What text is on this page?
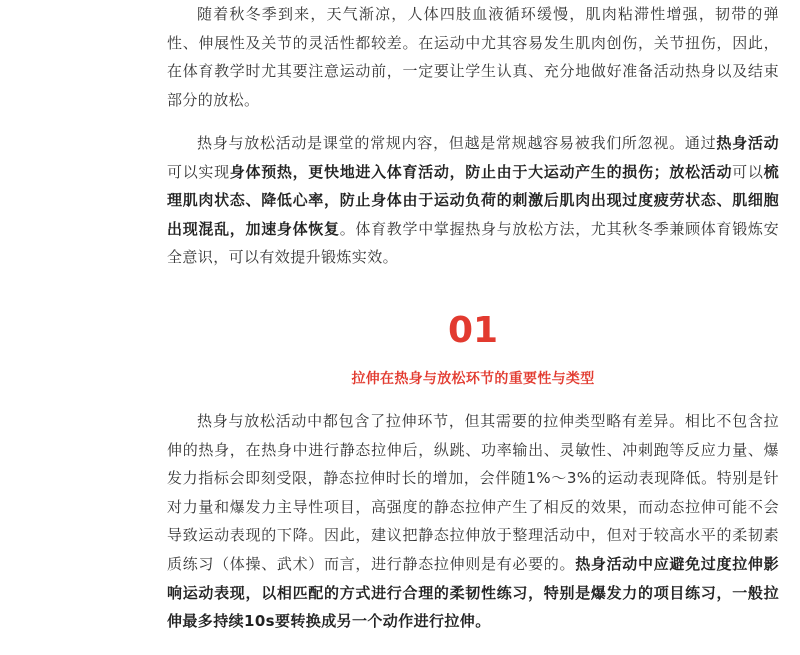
随着秋冬季到来，天气渐凉，人体四肢血液循环缓慢，肌肉粘滞性增强，韧带的弹性、伸展性及关节的灵活性都较差。在运动中尤其容易发生肌肉创伤，关节扭伤，因此，在体育教学时尤其要注意运动前，一定要让学生认真、充分地做好准备活动热身以及结束部分的放松。

热身与放松活动是课堂的常规内容，但越是常规越容易被我们所忽视。通过热身活动可以实现身体预热，更快地进入体育活动，防止由于大运动产生的损伤；放松活动可以梳理肌肉状态、降低心率，防止身体由于运动负荷的刺激后肌肉出现过度疲劳状态、肌细胞出现混乱，加速身体恢复。体育教学中掌握热身与放松方法，尤其秋冬季兼顾体育锻炼安全意识，可以有效提升锻炼实效。

01
拉伸在热身与放松环节的重要性与类型

热身与放松活动中都包含了拉伸环节，但其需要的拉伸类型略有差异。相比不包含拉伸的热身，在热身中进行静态拉伸后，纵跳、功率输出、灵敏性、冲刺跑等反应力量、爆发力指标会即刻受限，静态拉伸时长的增加，会伴随1%～3%的运动表现降低。特别是针对力量和爆发力主导性项目，高强度的静态拉伸产生了相反的效果，而动态拉伸可能不会导致运动表现的下降。因此，建议把静态拉伸放于整理活动中，但对于较高水平的柔韧素质练习（体操、武术）而言，进行静态拉伸则是有必要的。热身活动中应避免过度拉伸影响运动表现，以相匹配的方式进行合理的柔韧性练习，特别是爆发力的项目练习，一般拉伸最多持续10s要转换成另一个动作进行拉伸。
